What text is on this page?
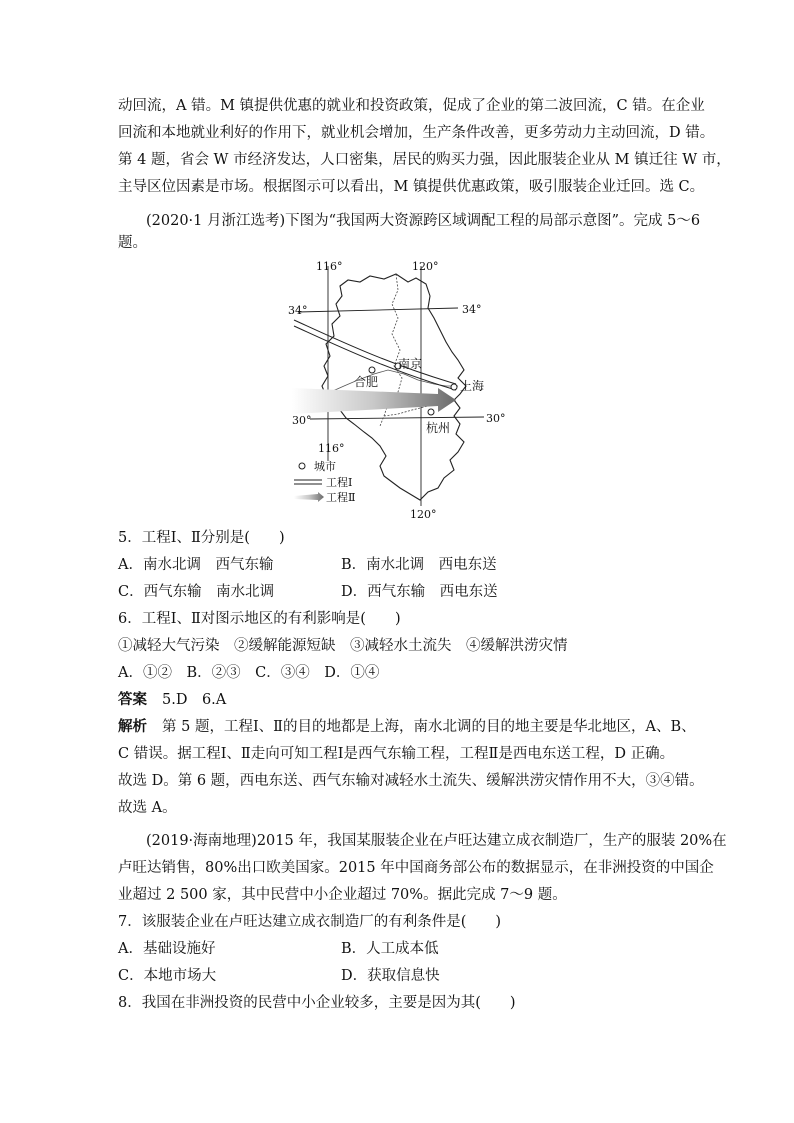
动回流，A 错。M 镇提供优惠的就业和投资政策，促成了企业的第二波回流，C 错。在企业
回流和本地就业利好的作用下，就业机会增加，生产条件改善，更多劳动力主动回流，D 错。
第 4 题，省会 W 市经济发达，人口密集，居民的购买力强，因此服装企业从 M 镇迁往 W 市，
主导区位因素是市场。根据图示可以看出，M 镇提供优惠政策，吸引服装企业迁回。选 C。
(2020·1 月浙江选考)下图为“我国两大资源跨区域调配工程的局部示意图”。完成 5～6
题。
116°	120°
34°	34°
30°	30°
116°
120°
南京
合肥	上海
杭州
城市
工程Ⅰ
工程Ⅱ
5．工程Ⅰ、Ⅱ分别是(　　)
A．南水北调　西气东输	B．南水北调　西电东送
C．西气东输　南水北调	D．西气东输　西电东送
6．工程Ⅰ、Ⅱ对图示地区的有利影响是(　　)
①减轻大气污染　②缓解能源短缺　③减轻水土流失　④缓解洪涝灾情
A．①②　B．②③　C．③④　D．①④
答案 5.D　6.A
解析 第 5 题，工程Ⅰ、Ⅱ的目的地都是上海，南水北调的目的地主要是华北地区，A、B、
C 错误。据工程Ⅰ、Ⅱ走向可知工程Ⅰ是西气东输工程，工程Ⅱ是西电东送工程，D 正确。
故选 D。第 6 题，西电东送、西气东输对减轻水土流失、缓解洪涝灾情作用不大，③④错。
故选 A。
(2019·海南地理)2015 年，我国某服装企业在卢旺达建立成衣制造厂，生产的服装 20%在
卢旺达销售，80%出口欧美国家。2015 年中国商务部公布的数据显示，在非洲投资的中国企
业超过 2 500 家，其中民营中小企业超过 70%。据此完成 7～9 题。
7．该服装企业在卢旺达建立成衣制造厂的有利条件是(　　)
A．基础设施好	B．人工成本低
C．本地市场大	D．获取信息快
8．我国在非洲投资的民营中小企业较多，主要是因为其(　　)
